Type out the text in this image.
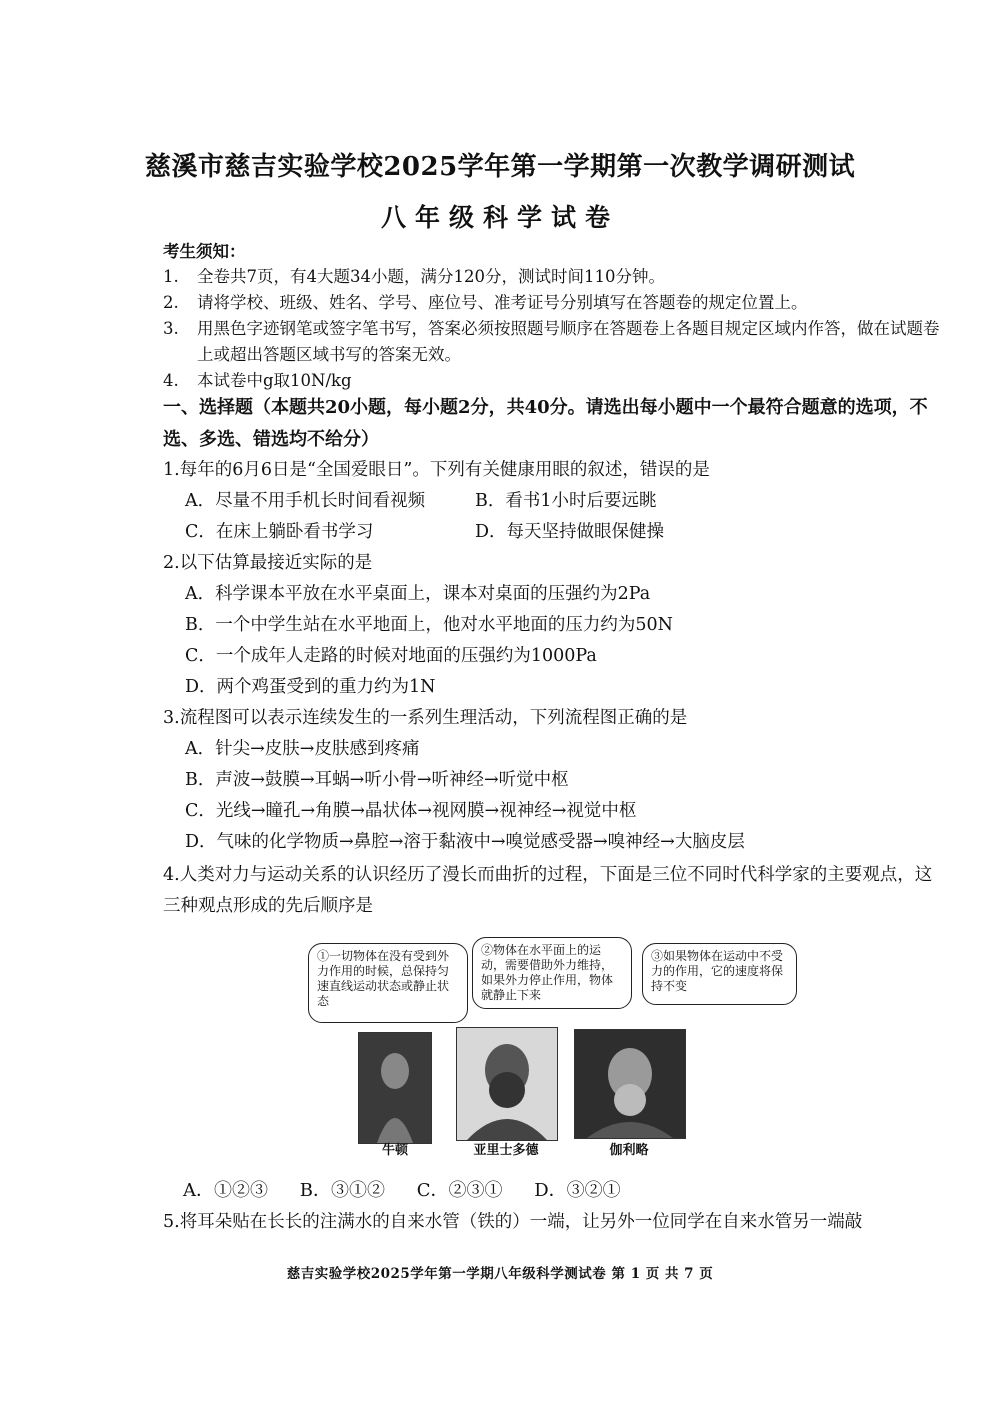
慈溪市慈吉实验学校2025学年第一学期第一次教学调研测试
八年级科学试卷
考生须知：
1.	全卷共7页，有4大题34小题，满分120分，测试时间110分钟。
2.	请将学校、班级、姓名、学号、座位号、准考证号分别填写在答题卷的规定位置上。
3.	用黑色字迹钢笔或签字笔书写，答案必须按照题号顺序在答题卷上各题目规定区域内作答，做在试题卷上或超出答题区域书写的答案无效。
4.	本试卷中g取10N/kg
一、选择题（本题共20小题，每小题2分，共40分。请选出每小题中一个最符合题意的选项，不选、多选、错选均不给分）
1.每年的6月6日是“全国爱眼日”。下列有关健康用眼的叙述，错误的是
A．尽量不用手机长时间看视频	B．看书1小时后要远眺
C．在床上躺卧看书学习	D．每天坚持做眼保健操
2.以下估算最接近实际的是
A．科学课本平放在水平桌面上，课本对桌面的压强约为2Pa
B．一个中学生站在水平地面上，他对水平地面的压力约为50N
C．一个成年人走路的时候对地面的压强约为1000Pa
D．两个鸡蛋受到的重力约为1N
3.流程图可以表示连续发生的一系列生理活动，下列流程图正确的是
A．针尖→皮肤→皮肤感到疼痛
B．声波→鼓膜→耳蜗→听小骨→听神经→听觉中枢
C．光线→瞳孔→角膜→晶状体→视网膜→视神经→视觉中枢
D．气味的化学物质→鼻腔→溶于黏液中→嗅觉感受器→嗅神经→大脑皮层
4.人类对力与运动关系的认识经历了漫长而曲折的过程，下面是三位不同时代科学家的主要观点，这三种观点形成的先后顺序是
①一切物体在没有受到外力作用的时候，总保持匀速直线运动状态或静止状态
②物体在水平面上的运动，需要借助外力维持，如果外力停止作用，物体就静止下来
③如果物体在运动中不受力的作用，它的速度将保持不变
牛顿	亚里士多德	伽利略
A．①②③ B．③①② C．②③① D．③②①
5.将耳朵贴在长长的注满水的自来水管（铁的）一端，让另外一位同学在自来水管另一端敲
慈吉实验学校2025学年第一学期八年级科学测试卷 第 1 页 共 7 页
